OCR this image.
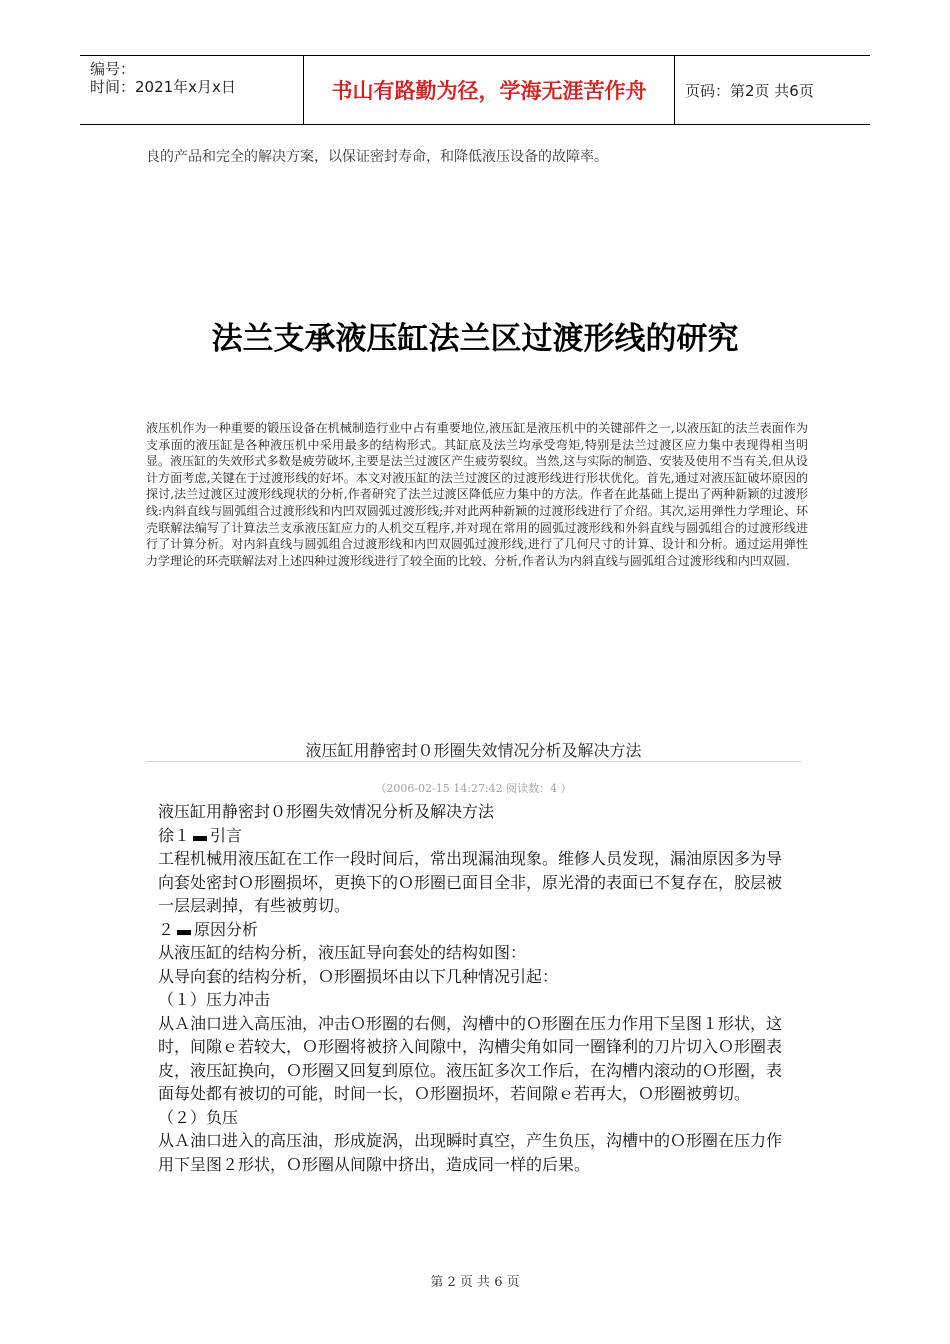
编号：
时间：2021年x月x日	书山有路勤为径，学海无涯苦作舟	页码：第2页 共6页
良的产品和完全的解决方案，以保证密封寿命，和降低液压设备的故障率。
法兰支承液压缸法兰区过渡形线的研究
液压机作为一种重要的锻压设备在机械制造行业中占有重要地位,液压缸是液压机中的关键部件之一,以液压缸的法兰表面作为支承面的液压缸是各种液压机中采用最多的结构形式。其缸底及法兰均承受弯矩,特别是法兰过渡区应力集中表现得相当明显。液压缸的失效形式多数是疲劳破坏,主要是法兰过渡区产生疲劳裂纹。当然,这与实际的制造、安装及使用不当有关,但从设计方面考虑,关键在于过渡形线的好坏。本文对液压缸的法兰过渡区的过渡形线进行形状优化。首先,通过对液压缸破坏原因的探讨,法兰过渡区过渡形线现状的分析,作者研究了法兰过渡区降低应力集中的方法。作者在此基础上提出了两种新颖的过渡形线:内斜直线与圆弧组合过渡形线和内凹双圆弧过渡形线;并对此两种新颖的过渡形线进行了介绍。其次,运用弹性力学理论、环壳联解法编写了计算法兰支承液压缸应力的人机交互程序,并对现在常用的圆弧过渡形线和外斜直线与圆弧组合的过渡形线进行了计算分析。对内斜直线与圆弧组合过渡形线和内凹双圆弧过渡形线,进行了几何尺寸的计算、设计和分析。通过运用弹性力学理论的环壳联解法对上述四种过渡形线进行了较全面的比较、分析,作者认为内斜直线与圆弧组合过渡形线和内凹双圆.
液压缸用静密封０形圈失效情况分析及解决方法
（2006-02-15 14:27:42 阅读数：4 ）

液压缸用静密封０形圈失效情况分析及解决方法

徐１ 引言

工程机械用液压缸在工作一段时间后，常出现漏油现象。维修人员发现，漏油原因多为导向套处密封Ｏ形圈损坏，更换下的Ｏ形圈已面目全非，原光滑的表面已不复存在，胶层被一层层剥掉，有些被剪切。

２ 原因分析

从液压缸的结构分析，液压缸导向套处的结构如图：

从导向套的结构分析，Ｏ形圈损坏由以下几种情况引起：

（１）压力冲击

从Ａ油口进入高压油，冲击Ｏ形圈的右侧，沟槽中的Ｏ形圈在压力作用下呈图１形状，这时，间隙ｅ若较大，Ｏ形圈将被挤入间隙中，沟槽尖角如同一圈锋利的刀片切入Ｏ形圈表皮，液压缸换向，Ｏ形圈又回复到原位。液压缸多次工作后，在沟槽内滚动的Ｏ形圈，表面每处都有被切的可能，时间一长，Ｏ形圈损坏，若间隙ｅ若再大，Ｏ形圈被剪切。

（２）负压

从Ａ油口进入的高压油，形成旋涡，出现瞬时真空，产生负压，沟槽中的Ｏ形圈在压力作用下呈图２形状，Ｏ形圈从间隙中挤出，造成同一样的后果。

第 2 页 共 6 页
